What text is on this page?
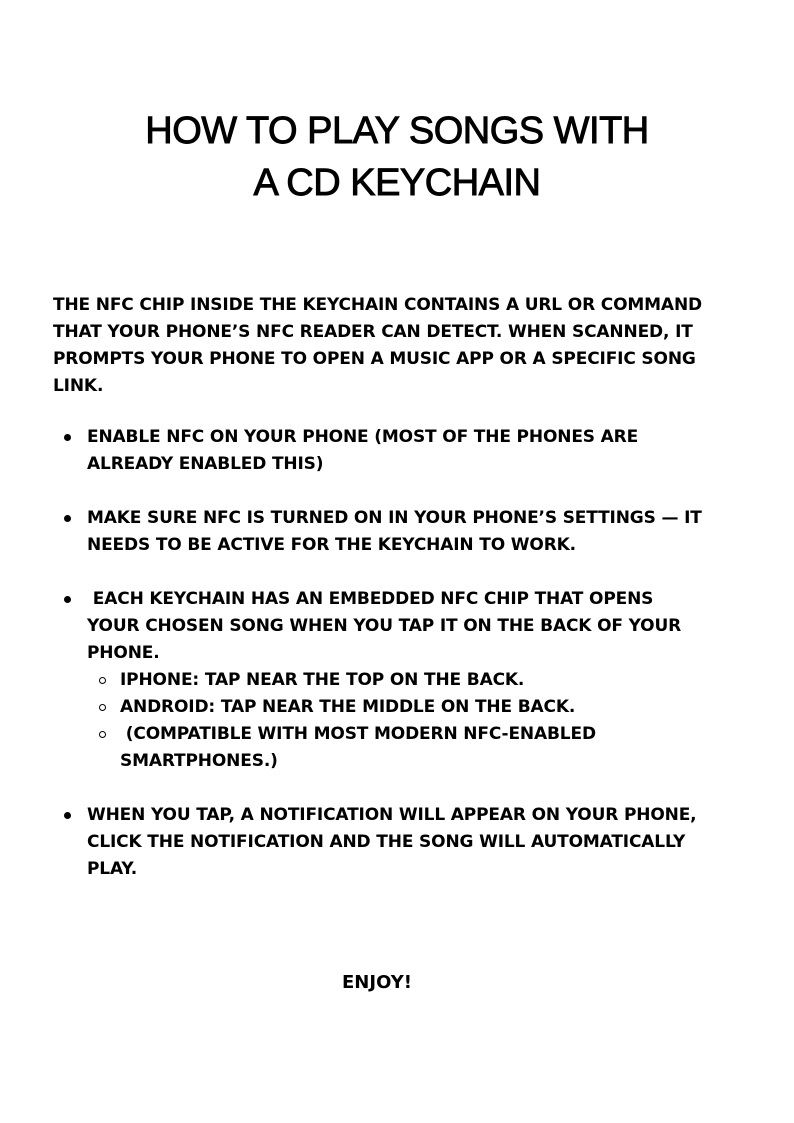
HOW TO PLAY SONGS WITH
A CD KEYCHAIN

THE NFC CHIP INSIDE THE KEYCHAIN CONTAINS A URL OR COMMAND
THAT YOUR PHONE’S NFC READER CAN DETECT. WHEN SCANNED, IT
PROMPTS YOUR PHONE TO OPEN A MUSIC APP OR A SPECIFIC SONG
LINK.

ENABLE NFC ON YOUR PHONE (MOST OF THE PHONES ARE
ALREADY ENABLED THIS)
MAKE SURE NFC IS TURNED ON IN YOUR PHONE’S SETTINGS — IT
NEEDS TO BE ACTIVE FOR THE KEYCHAIN TO WORK.
EACH KEYCHAIN HAS AN EMBEDDED NFC CHIP THAT OPENS
YOUR CHOSEN SONG WHEN YOU TAP IT ON THE BACK OF YOUR
PHONE.
IPHONE: TAP NEAR THE TOP ON THE BACK.
ANDROID: TAP NEAR THE MIDDLE ON THE BACK.
(COMPATIBLE WITH MOST MODERN NFC-ENABLED
SMARTPHONES.)
WHEN YOU TAP, A NOTIFICATION WILL APPEAR ON YOUR PHONE,
CLICK THE NOTIFICATION AND THE SONG WILL AUTOMATICALLY
PLAY.
ENJOY!
